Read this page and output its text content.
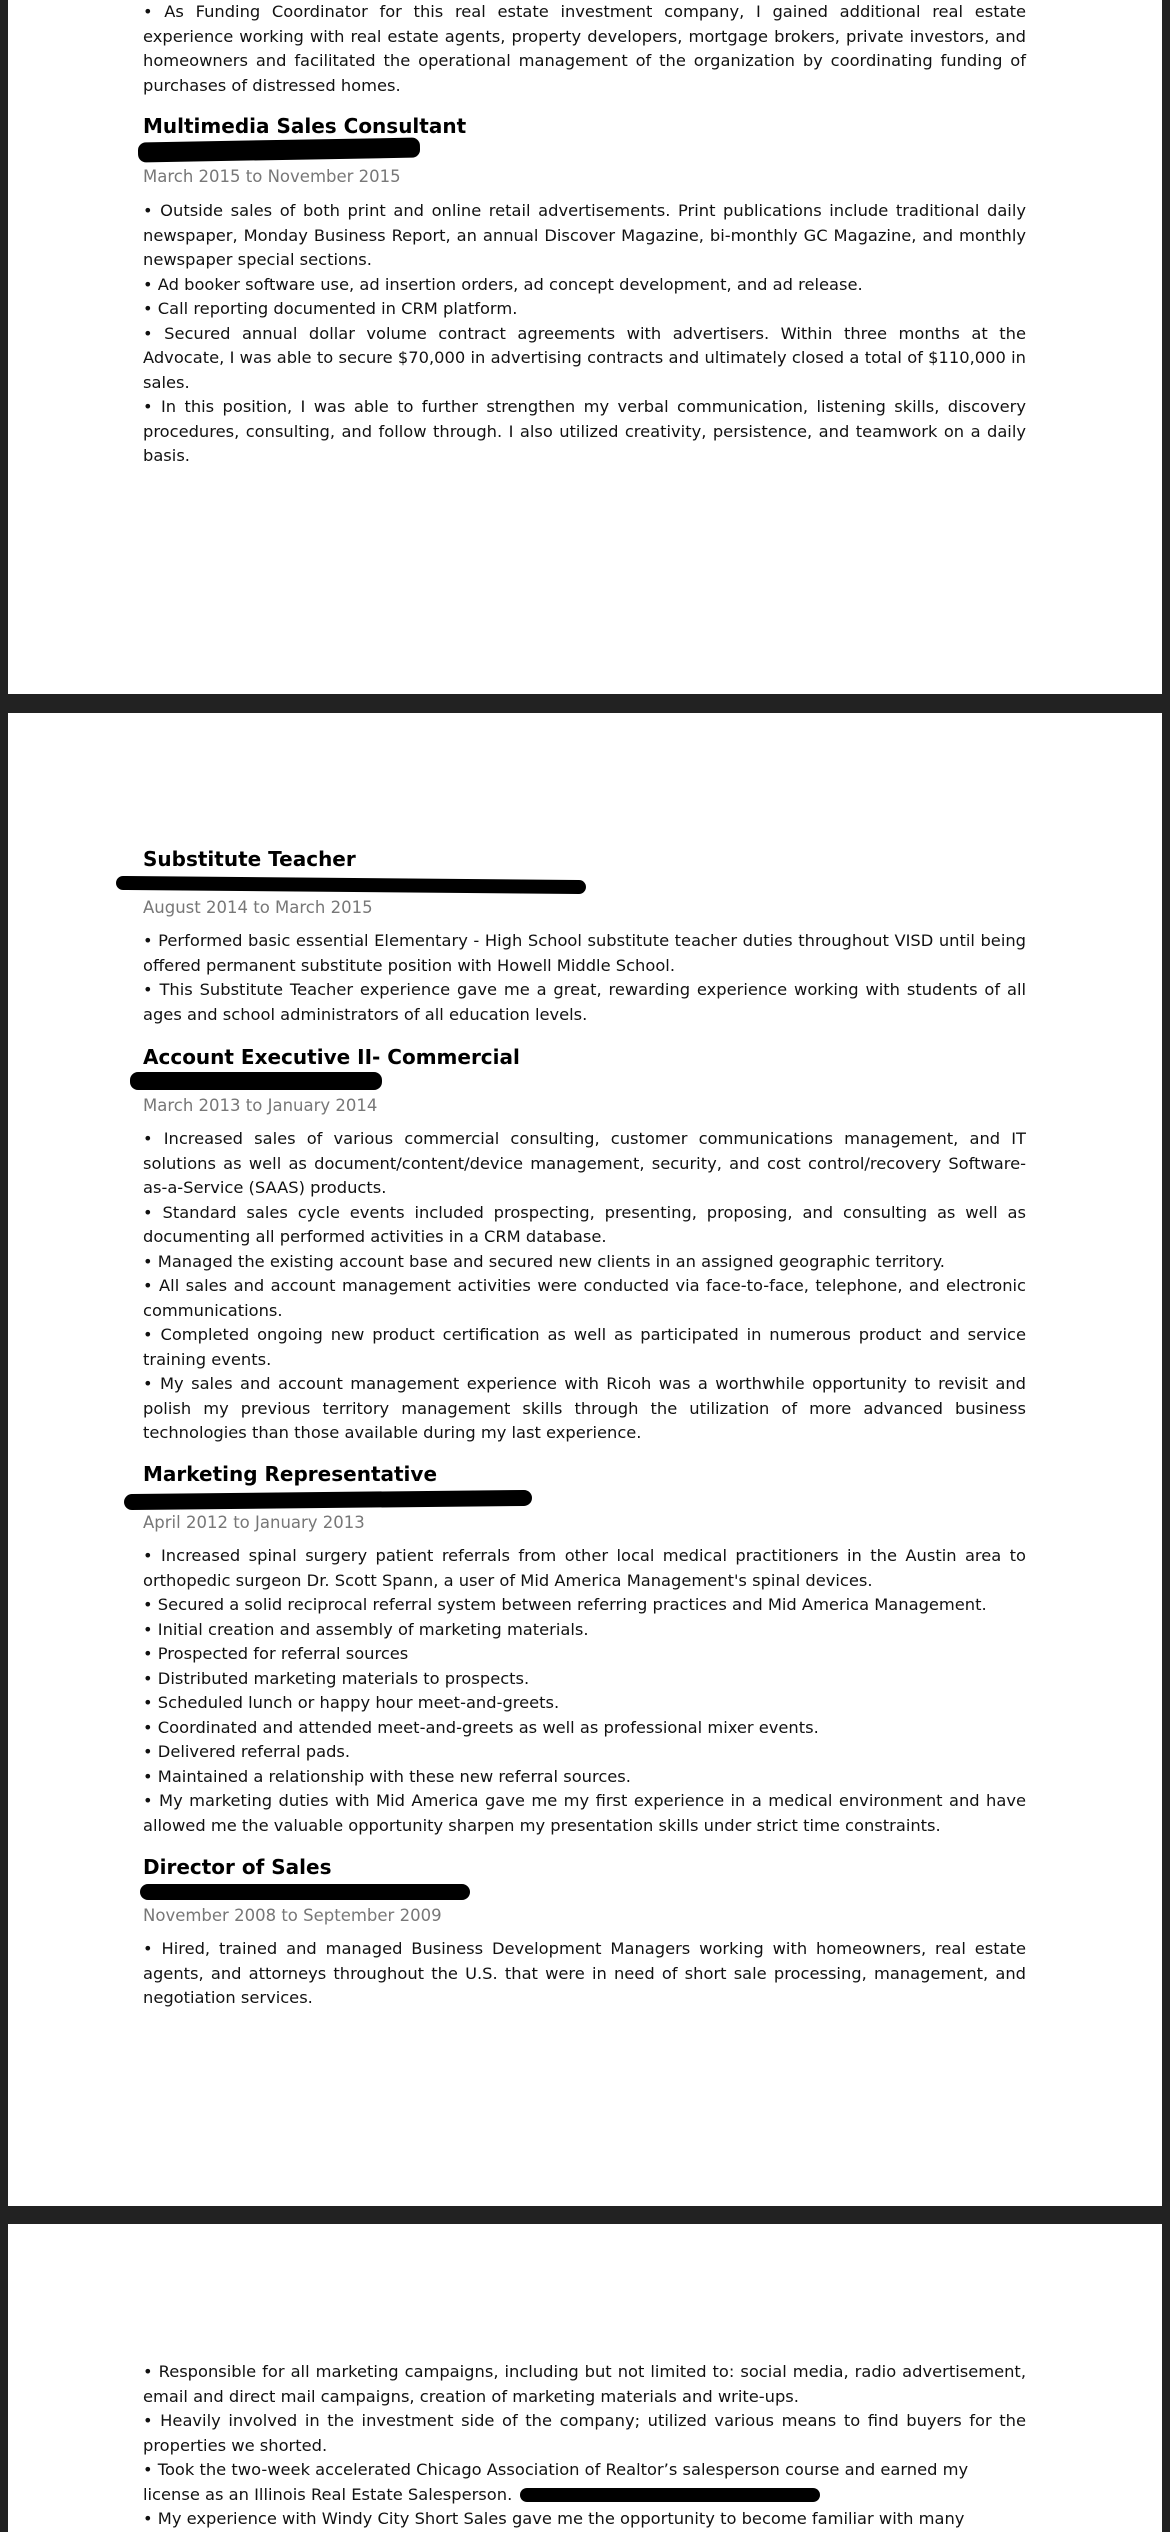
• As Funding Coordinator for this real estate investment company, I gained additional real estate experience working with real estate agents, property developers, mortgage brokers, private investors, and homeowners and facilitated the operational management of the organization by coordinating funding of purchases of distressed homes.

Multimedia Sales Consultant
March 2015 to November 2015

• Outside sales of both print and online retail advertisements. Print publications include traditional daily newspaper, Monday Business Report, an annual Discover Magazine, bi-monthly GC Magazine, and monthly newspaper special sections.

• Ad booker software use, ad insertion orders, ad concept development, and ad release.

• Call reporting documented in CRM platform.

• Secured annual dollar volume contract agreements with advertisers. Within three months at the Advocate, I was able to secure $70,000 in advertising contracts and ultimately closed a total of $110,000 in sales.

• In this position, I was able to further strengthen my verbal communication, listening skills, discovery procedures, consulting, and follow through. I also utilized creativity, persistence, and teamwork on a daily basis.

Substitute Teacher
August 2014 to March 2015

• Performed basic essential Elementary - High School substitute teacher duties throughout VISD until being offered permanent substitute position with Howell Middle School.

• This Substitute Teacher experience gave me a great, rewarding experience working with students of all ages and school administrators of all education levels.

Account Executive II- Commercial
March 2013 to January 2014

• Increased sales of various commercial consulting, customer communications management, and IT solutions as well as document/content/device management, security, and cost control/recovery Software-as-a-Service (SAAS) products.

• Standard sales cycle events included prospecting, presenting, proposing, and consulting as well as documenting all performed activities in a CRM database.

• Managed the existing account base and secured new clients in an assigned geographic territory.

• All sales and account management activities were conducted via face-to-face, telephone, and electronic communications.

• Completed ongoing new product certification as well as participated in numerous product and service training events.

• My sales and account management experience with Ricoh was a worthwhile opportunity to revisit and polish my previous territory management skills through the utilization of more advanced business technologies than those available during my last experience.

Marketing Representative
April 2012 to January 2013

• Increased spinal surgery patient referrals from other local medical practitioners in the Austin area to orthopedic surgeon Dr. Scott Spann, a user of Mid America Management's spinal devices.

• Secured a solid reciprocal referral system between referring practices and Mid America Management.

• Initial creation and assembly of marketing materials.

• Prospected for referral sources

• Distributed marketing materials to prospects.

• Scheduled lunch or happy hour meet-and-greets.

• Coordinated and attended meet-and-greets as well as professional mixer events.

• Delivered referral pads.

• Maintained a relationship with these new referral sources.

• My marketing duties with Mid America gave me my first experience in a medical environment and have allowed me the valuable opportunity sharpen my presentation skills under strict time constraints.

Director of Sales
November 2008 to September 2009

• Hired, trained and managed Business Development Managers working with homeowners, real estate agents, and attorneys throughout the U.S. that were in need of short sale processing, management, and negotiation services.

• Responsible for all marketing campaigns, including but not limited to: social media, radio advertisement, email and direct mail campaigns, creation of marketing materials and write-ups.

• Heavily involved in the investment side of the company; utilized various means to find buyers for the properties we shorted.

• Took the two-week accelerated Chicago Association of Realtor’s salesperson course and earned my license as an Illinois Real Estate Salesperson.

• My experience with Windy City Short Sales gave me the opportunity to become familiar with many
